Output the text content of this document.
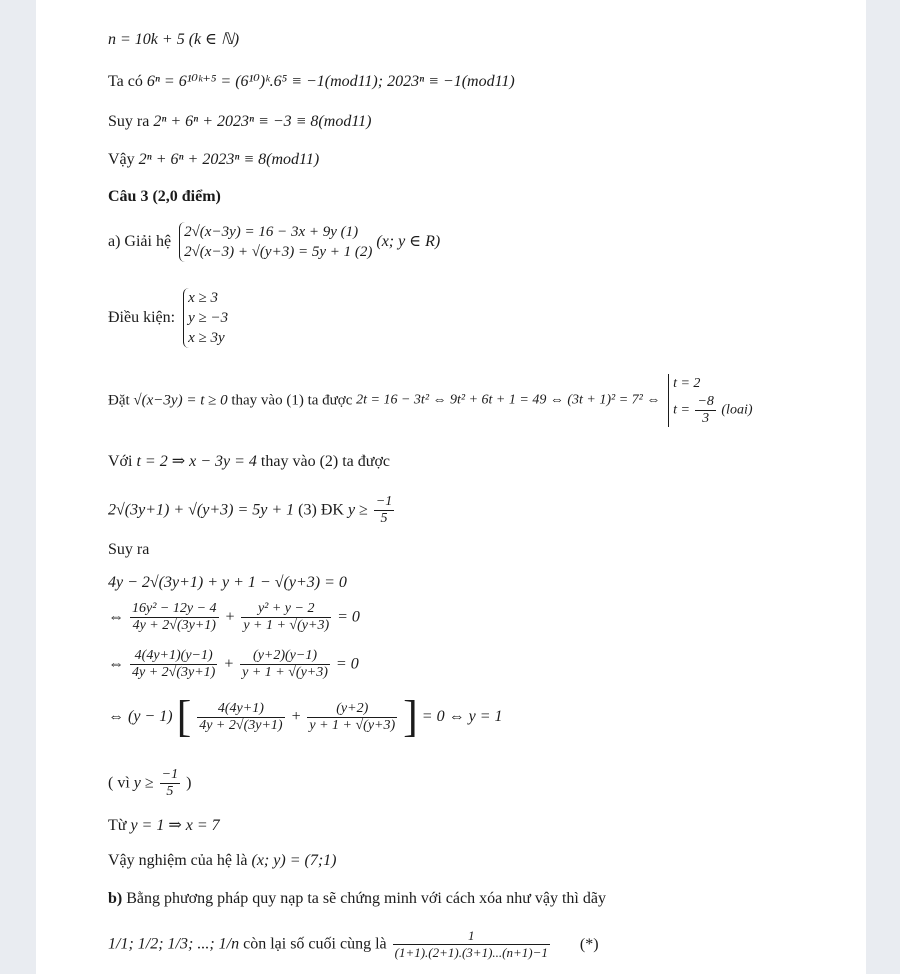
n = 10k + 5 (k ∈ ℕ)
Ta có 6ⁿ = 6¹⁰ᵏ⁺⁵ = (6¹⁰)ᵏ.6⁵ ≡ −1(mod11); 2023ⁿ ≡ −1(mod11)
Suy ra 2ⁿ + 6ⁿ + 2023ⁿ ≡ −3 ≡ 8(mod11)
Vậy 2ⁿ + 6ⁿ + 2023ⁿ ≡ 8(mod11)
Câu 3 (2,0 điểm)
a) Giải hệ
2√(x−3y) = 16 − 3x + 9y (1)
2√(x−3) + √(y+3) = 5y + 1 (2)
(x; y ∈ R)
Điều kiện:
x ≥ 3
y ≥ −3
x ≥ 3y
Đặt √(x−3y) = t ≥ 0 thay vào (1) ta được 2t = 16 − 3t² ⇔ 9t² + 6t + 1 = 49 ⇔ (3t + 1)² = 7² ⇔
t = 2
$t = \frac{-8}{3}$ (loai)
Với t = 2 ⇒ x − 3y = 4 thay vào (2) ta được
2√(3y+1) + √(y+3) = 5y + 1 (3) ĐK $y \ge \frac{-1}{5}$
Suy ra
4y − 2√(3y+1) + y + 1 − √(y+3) = 0
⇔ $\frac{\text{16y² − 12y − 4}}{4y + 2√(3y+1)} + \frac{\text{y² + y − 2}}{y + 1 + √(y+3)} = 0$
⇔ $\frac{4(4y+1)(y-1)}{4y + 2√(3y+1)} + \frac{(y+2)(y-1)}{y + 1 + √(y+3)} = 0$
⇔ (y − 1) [ $\frac{4(4y+1)}{4y + 2√(3y+1)} + \frac{(y+2)}{y + 1 + √(y+3)}$ ] = 0 ⇔ y = 1
( vì $y \ge \frac{-1}{5}$ )
Từ y = 1 ⇒ x = 7
Vậy nghiệm của hệ là (x; y) = (7;1)
b) Bằng phương pháp quy nạp ta sẽ chứng minh với cách xóa như vậy thì dãy
1/1; 1/2; 1/3; ...; 1/n còn lại số cuối cùng là $\frac{1}{(1+1).(2+1).(3+1)...(n+1)-1}$ (*)
